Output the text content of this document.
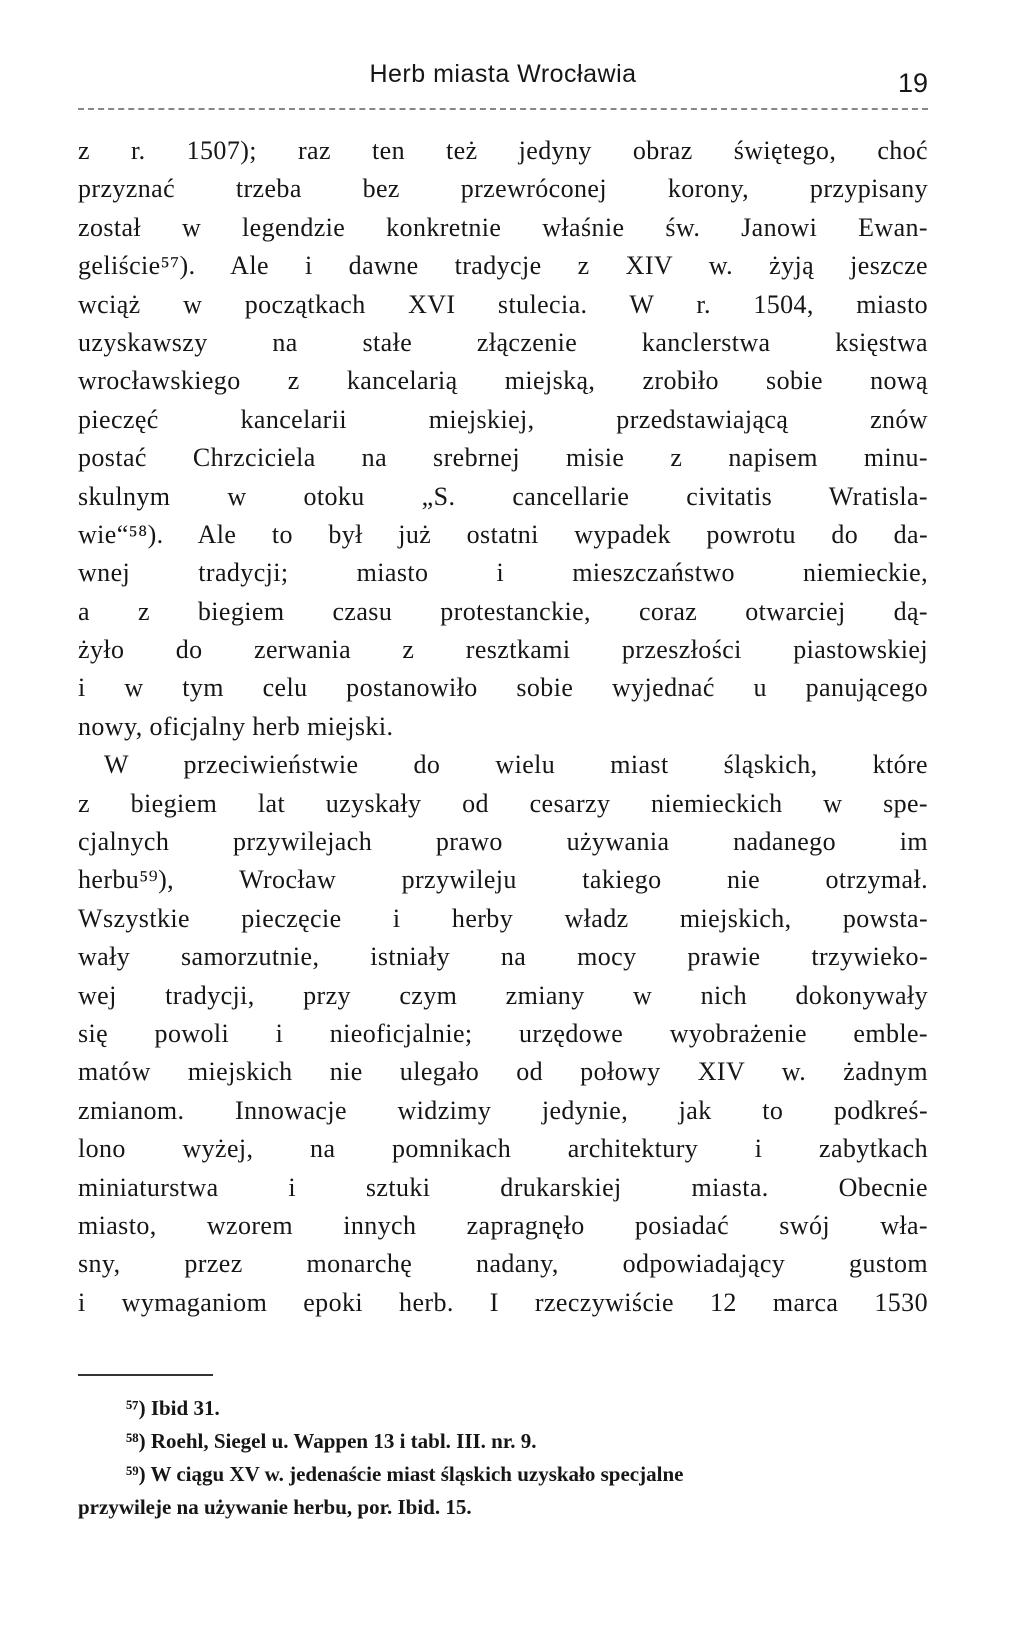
Herb miasta Wrocławia	19
z r. 1507); raz ten też jedyny obraz świętego, choć
przyznać trzeba bez przewróconej korony, przypisany
został w legendzie konkretnie właśnie św. Janowi Ewan-
geliście⁵⁷). Ale i dawne tradycje z XIV w. żyją jeszcze
wciąż w początkach XVI stulecia. W r. 1504, miasto
uzyskawszy na stałe złączenie kanclerstwa księstwa
wrocławskiego z kancelarią miejską, zrobiło sobie nową
pieczęć kancelarii miejskiej, przedstawiającą znów
postać Chrzciciela na srebrnej misie z napisem minu-
skulnym w otoku „S. cancellarie civitatis Wratisla-
wie“⁵⁸). Ale to był już ostatni wypadek powrotu do da-
wnej tradycji; miasto i mieszczaństwo niemieckie,
a z biegiem czasu protestanckie, coraz otwarciej dą-
żyło do zerwania z resztkami przeszłości piastowskiej
i w tym celu postanowiło sobie wyjednać u panującego
nowy, oficjalny herb miejski.
W przeciwieństwie do wielu miast śląskich, które
z biegiem lat uzyskały od cesarzy niemieckich w spe-
cjalnych przywilejach prawo używania nadanego im
herbu⁵⁹), Wrocław przywileju takiego nie otrzymał.
Wszystkie pieczęcie i herby władz miejskich, powsta-
wały samorzutnie, istniały na mocy prawie trzywieko-
wej tradycji, przy czym zmiany w nich dokonywały
się powoli i nieoficjalnie; urzędowe wyobrażenie emble-
matów miejskich nie ulegało od połowy XIV w. żadnym
zmianom. Innowacje widzimy jedynie, jak to podkreś-
lono wyżej, na pomnikach architektury i zabytkach
miniaturstwa i sztuki drukarskiej miasta. Obecnie
miasto, wzorem innych zapragnęło posiadać swój wła-
sny, przez monarchę nadany, odpowiadający gustom
i wymaganiom epoki herb. I rzeczywiście 12 marca 1530
⁵⁷) Ibid 31.
⁵⁸) Roehl, Siegel u. Wappen 13 i tabl. III. nr. 9.
⁵⁹) W ciągu XV w. jedenaście miast śląskich uzyskało specjalne
przywileje na używanie herbu, por. Ibid. 15.
